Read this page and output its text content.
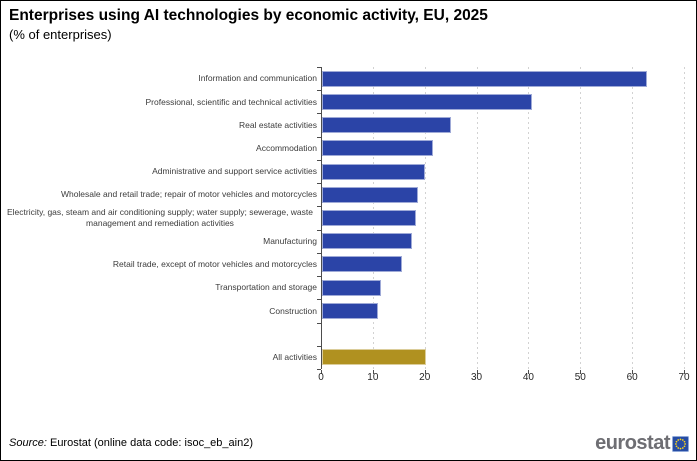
Enterprises using AI technologies by economic activity, EU, 2025
(% of enterprises)
Information and communication
Professional, scientific and technical activities
Real estate activities
Accommodation
Administrative and support service activities
Wholesale and retail trade; repair of motor vehicles and motorcycles
Electricity, gas, steam and air conditioning supply; water supply; sewerage, waste management and remediation activities
Manufacturing
Retail trade, except of motor vehicles and motorcycles
Transportation and storage
Construction
All activities
0	10	20	30	40	50	60	70
Source: Eurostat (online data code: isoc_eb_ain2)	eurostat
